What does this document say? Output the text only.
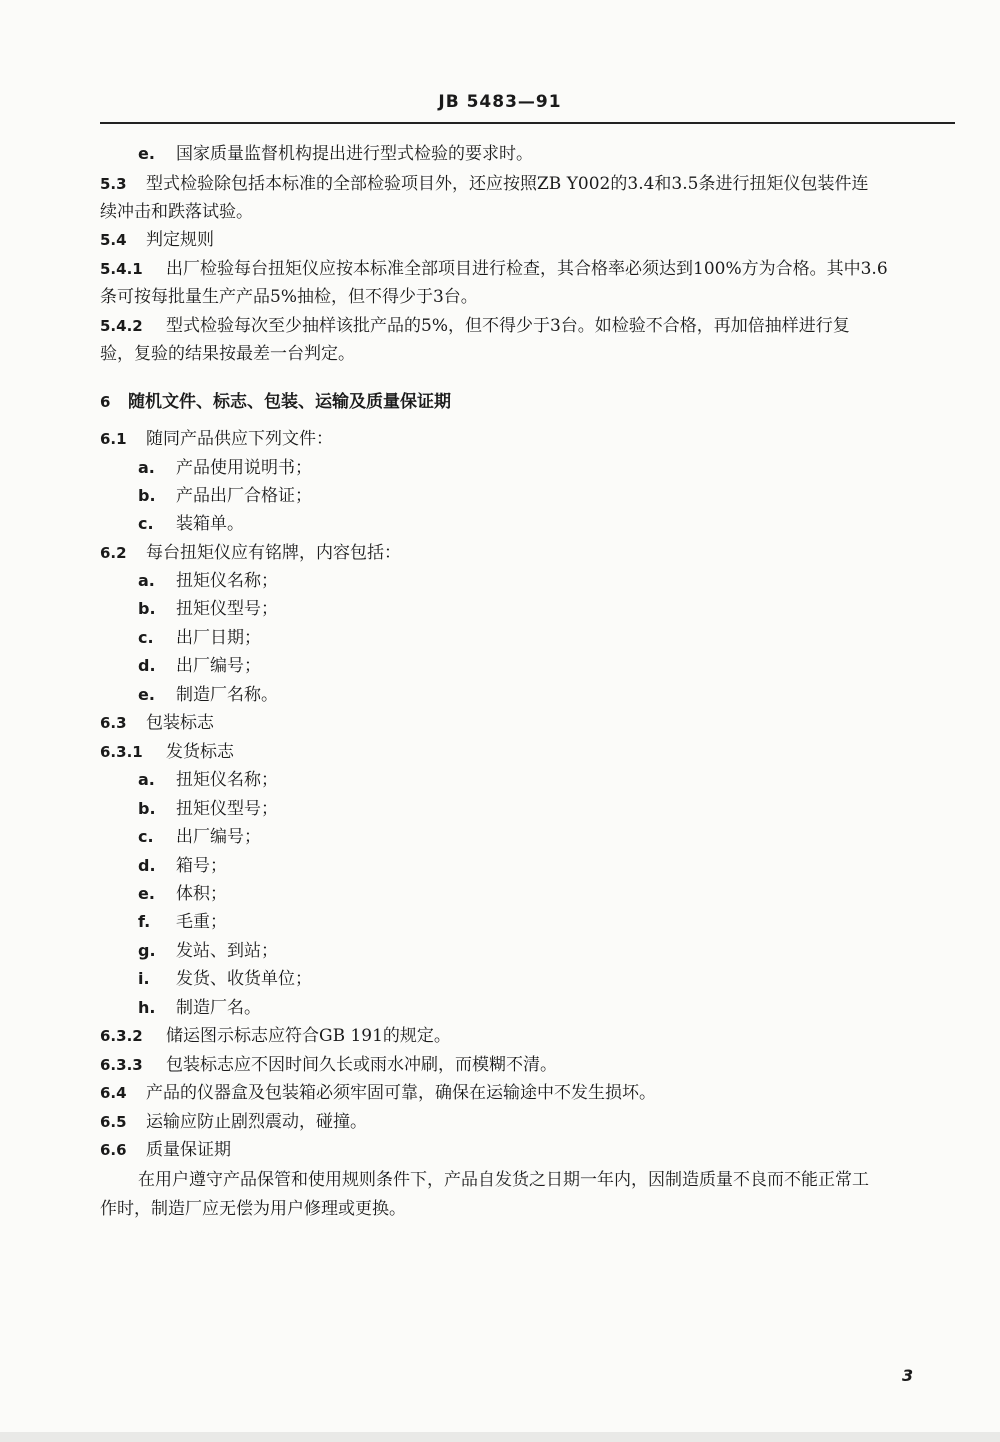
JB 5483—91
e. 国家质量监督机构提出进行型式检验的要求时。
5.3 型式检验除包括本标准的全部检验项目外，还应按照ZB Y002的3.4和3.5条进行扭矩仪包装件连
续冲击和跌落试验。
5.4 判定规则
5.4.1 出厂检验每台扭矩仪应按本标准全部项目进行检查，其合格率必须达到100%方为合格。其中3.6
条可按每批量生产产品5%抽检，但不得少于3台。
5.4.2 型式检验每次至少抽样该批产品的5%，但不得少于3台。如检验不合格，再加倍抽样进行复
验，复验的结果按最差一台判定。
6 随机文件、标志、包装、运输及质量保证期
6.1 随同产品供应下列文件：
a. 产品使用说明书；
b. 产品出厂合格证；
c. 装箱单。
6.2 每台扭矩仪应有铭牌，内容包括：
a. 扭矩仪名称；
b. 扭矩仪型号；
c. 出厂日期；
d. 出厂编号；
e. 制造厂名称。
6.3 包装标志
6.3.1 发货标志
a. 扭矩仪名称；
b. 扭矩仪型号；
c. 出厂编号；
d. 箱号；
e. 体积；
f. 毛重；
g. 发站、到站；
i. 发货、收货单位；
h. 制造厂名。
6.3.2 储运图示标志应符合GB 191的规定。
6.3.3 包装标志应不因时间久长或雨水冲刷，而模糊不清。
6.4 产品的仪器盒及包装箱必须牢固可靠，确保在运输途中不发生损坏。
6.5 运输应防止剧烈震动，碰撞。
6.6 质量保证期
在用户遵守产品保管和使用规则条件下，产品自发货之日期一年内，因制造质量不良而不能正常工
作时，制造厂应无偿为用户修理或更换。
3
